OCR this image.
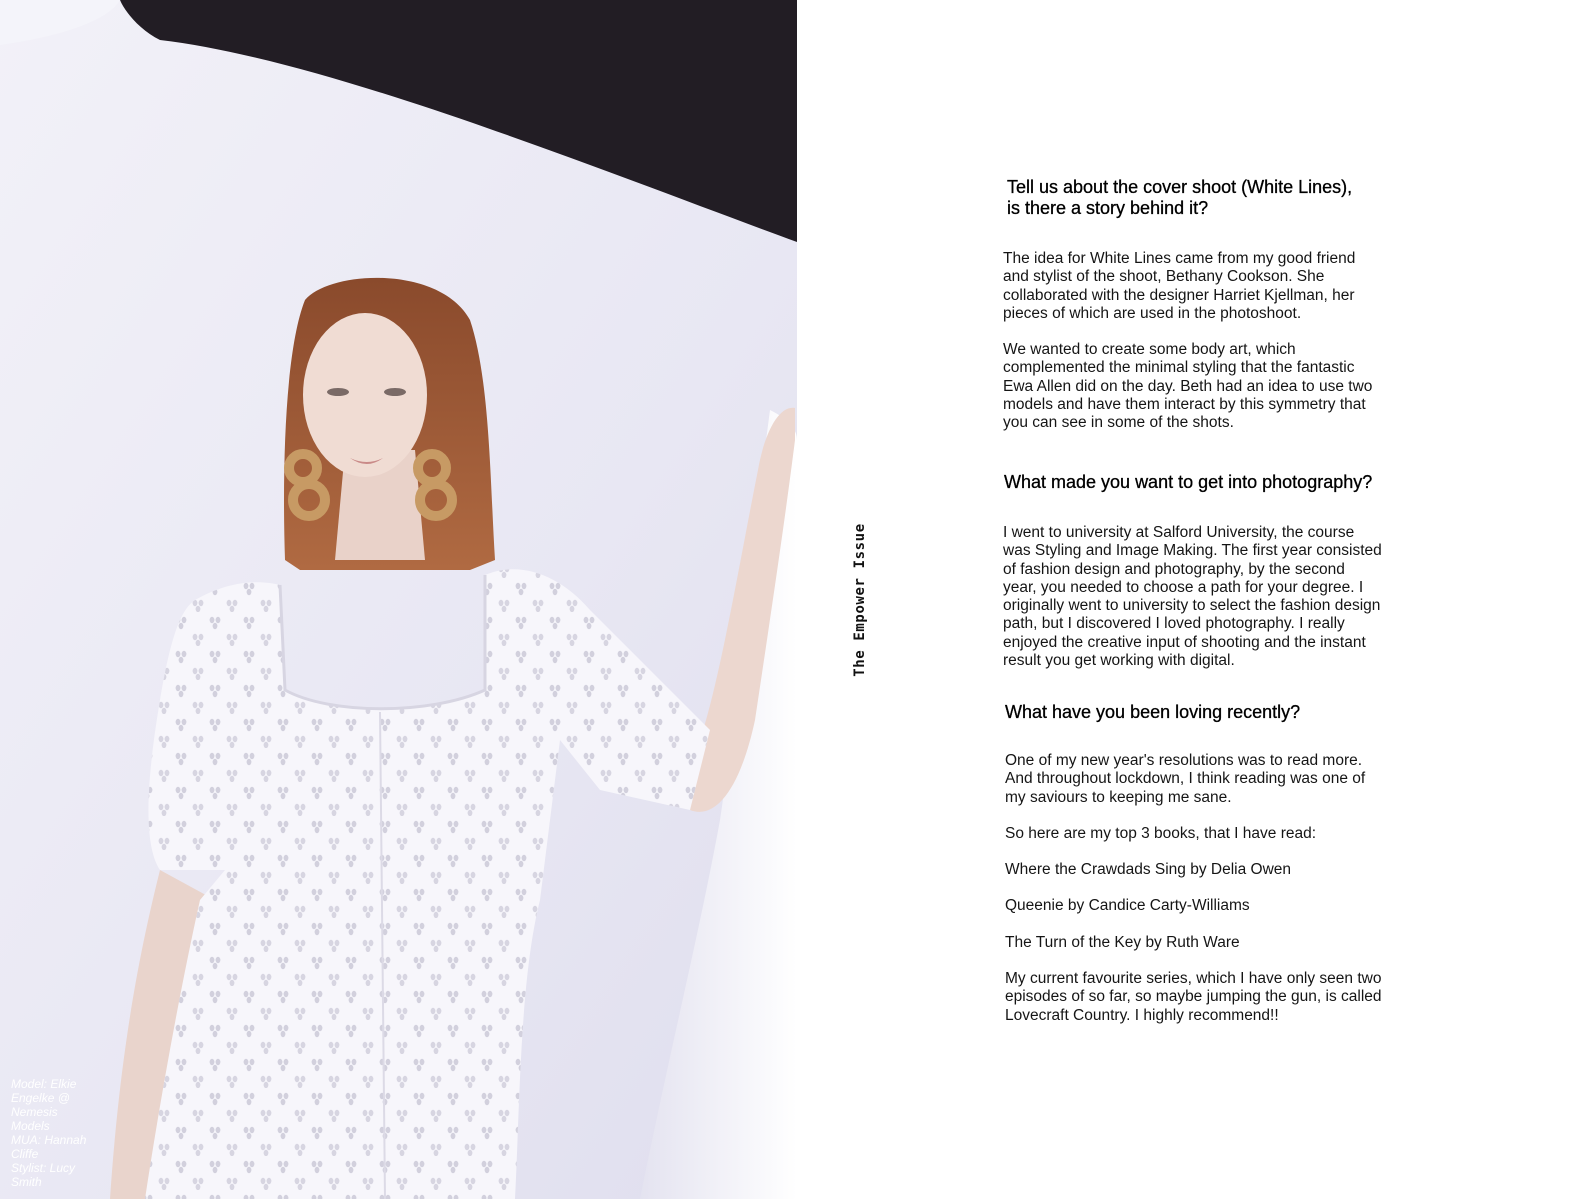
Model: Elkie
Engelke @
Nemesis
Models
MUA: Hannah
Cliffe
Stylist: Lucy
Smith
The Empower Issue
Tell us about the cover shoot (White Lines),
is there a story behind it?

The idea for White Lines came from my good friend
and stylist of the shoot, Bethany Cookson. She
collaborated with the designer Harriet Kjellman, her
pieces of which are used in the photoshoot.

We wanted to create some body art, which
complemented the minimal styling that the fantastic
Ewa Allen did on the day. Beth had an idea to use two
models and have them interact by this symmetry that
you can see in some of the shots.

What made you want to get into photography?

I went to university at Salford University, the course
was Styling and Image Making. The first year consisted
of fashion design and photography, by the second
year, you needed to choose a path for your degree. I
originally went to university to select the fashion design
path, but I discovered I loved photography. I really
enjoyed the creative input of shooting and the instant
result you get working with digital.

What have you been loving recently?

One of my new year's resolutions was to read more.
And throughout lockdown, I think reading was one of
my saviours to keeping me sane.

So here are my top 3 books, that I have read:

Where the Crawdads Sing by Delia Owen

Queenie by Candice Carty-Williams

The Turn of the Key by Ruth Ware

My current favourite series, which I have only seen two
episodes of so far, so maybe jumping the gun, is called
Lovecraft Country. I highly recommend!!
